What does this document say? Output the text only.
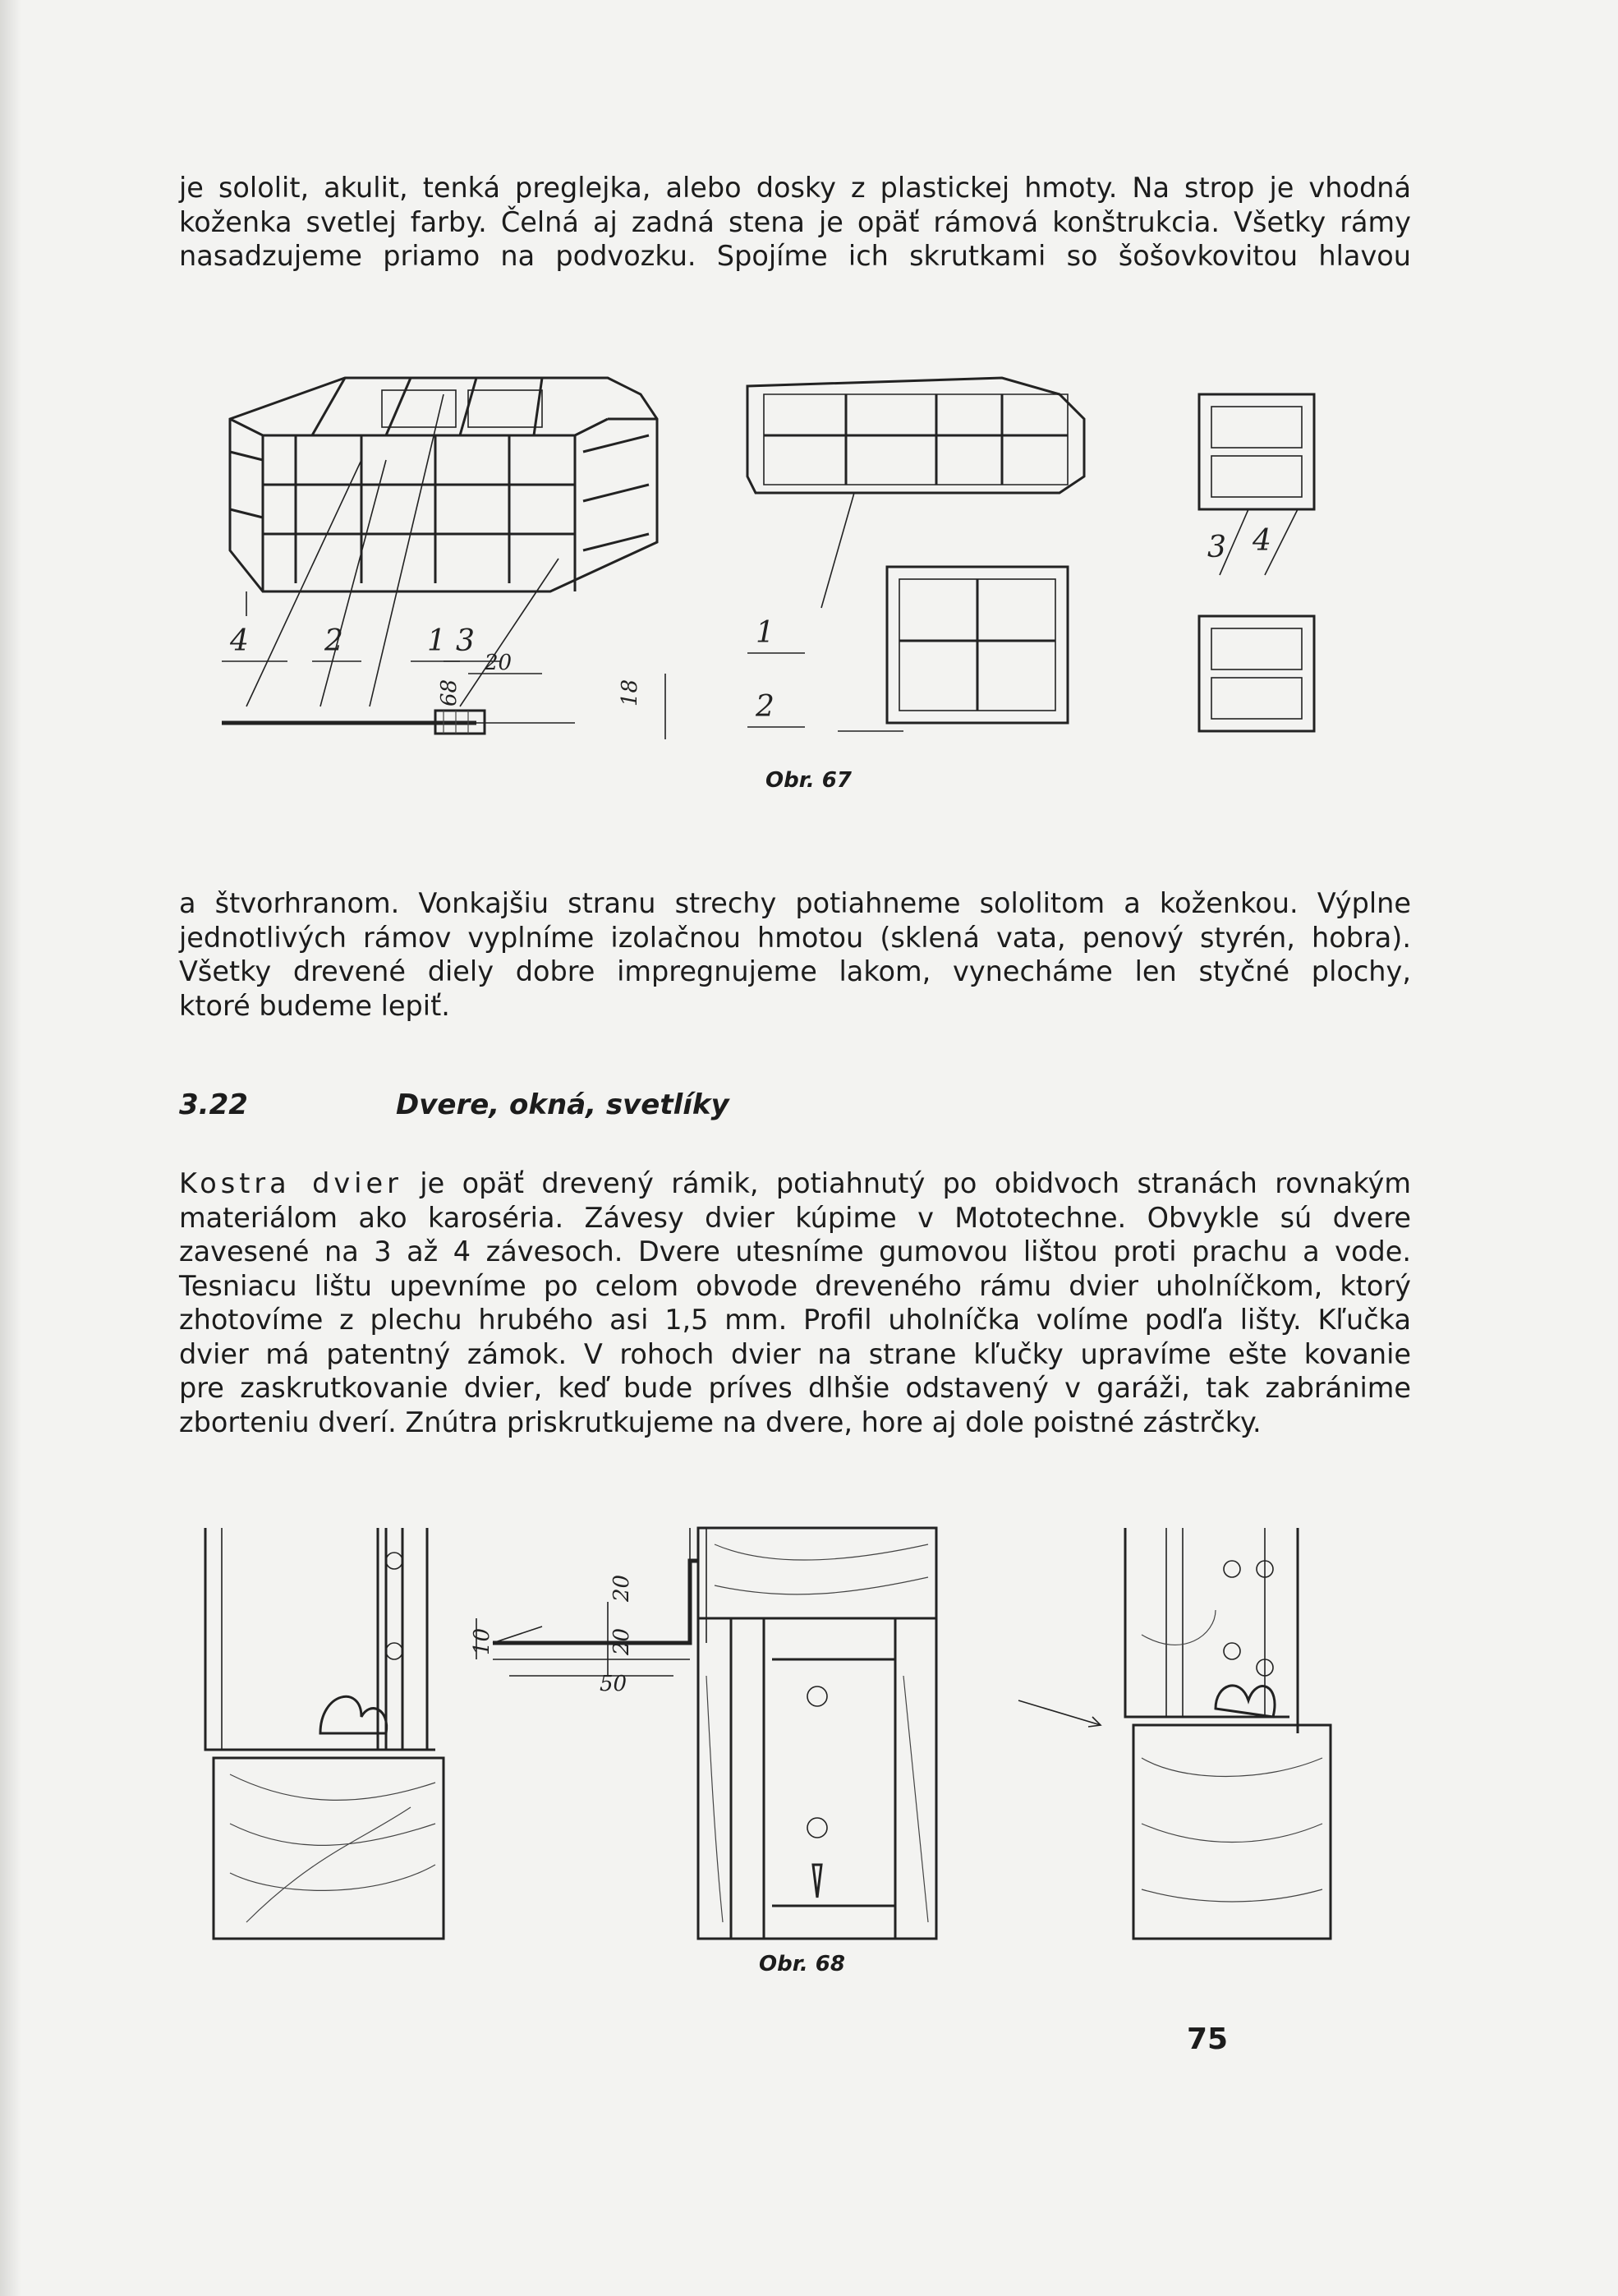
je sololit, akulit, tenká preglejka, alebo dosky z plastickej hmoty. Na strop je vhodná
koženka svetlej farby. Čelná aj zadná stena je opäť rámová konštrukcia. Všetky rámy
nasadzujeme priamo na podvozku. Spojíme ich skrutkami so šošovkovitou hlavou
4	2	1 3
20
68	18
1
2
3 4
Obr. 67
a štvorhranom. Vonkajšiu stranu strechy potiahneme sololitom a koženkou. Výplne
jednotlivých rámov vyplníme izolačnou hmotou (sklená vata, penový styrén, hobra).
Všetky drevené diely dobre impregnujeme lakom, vynecháme len styčné plochy,
ktoré budeme lepiť.
3.22	Dvere, okná, svetlíky
Kostra dvier je opäť drevený rámik, potiahnutý po obidvoch stranách rovnakým
materiálom ako karoséria. Závesy dvier kúpime v Mototechne. Obvykle sú dvere
zavesené na 3 až 4 závesoch. Dvere utesníme gumovou lištou proti prachu a vode.
Tesniacu lištu upevníme po celom obvode dreveného rámu dvier uholníčkom, ktorý
zhotovíme z plechu hrubého asi 1,5 mm. Profil uholníčka volíme podľa lišty. Kľučka
dvier má patentný zámok. V rohoch dvier na strane kľučky upravíme ešte kovanie
pre zaskrutkovanie dvier, keď bude príves dlhšie odstavený v garáži, tak zabránime
zborteniu dverí. Znútra priskrutkujeme na dvere, hore aj dole poistné zástrčky.
20
10	20
50
Obr. 68
75
